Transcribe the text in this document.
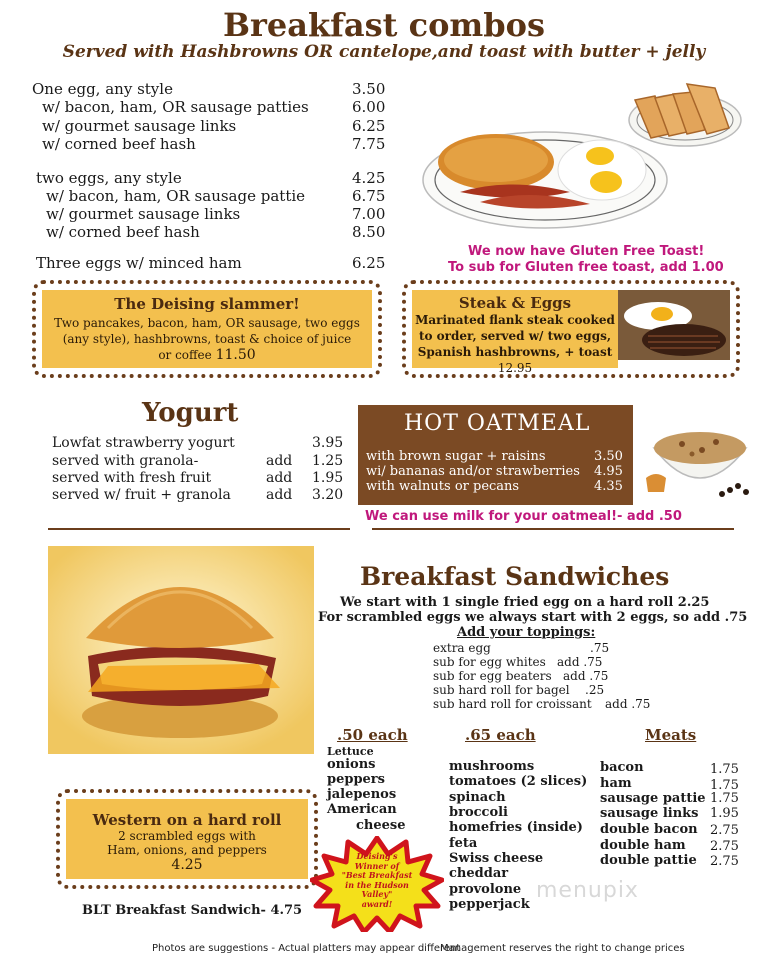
Breakfast combos
Served with Hashbrowns OR cantelope,and toast with butter + jelly
One egg, any style	3.50
w/ bacon, ham, OR sausage patties	6.00
w/ gourmet sausage links	6.25
w/ corned beef hash	7.75
two eggs, any style	4.25
w/ bacon, ham, OR sausage pattie	6.75
w/ gourmet sausage links	7.00
w/ corned beef hash	8.50
Three eggs w/ minced ham	6.25
We now have Gluten Free Toast!
To sub for Gluten free toast, add 1.00
The Deising slammer!
Two pancakes, bacon, ham, OR sausage, two eggs
(any style), hashbrowns, toast & choice of juice
or coffee 11.50
Steak & Eggs
Marinated flank steak cooked
to order, served w/ two eggs,
Spanish hashbrowns, + toast
12.95
Yogurt
Lowfat strawberry yogurt	3.95
served with granola-	add 1.25
served with fresh fruit	add 1.95
served w/ fruit + granola	add 3.20
HOT OATMEAL
with brown sugar + raisins	3.50
wi/ bananas and/or strawberries 4.95
with walnuts or pecans	4.35
We can use milk for your oatmeal!- add .50
Breakfast Sandwiches
We start with 1 single fried egg on a hard roll 2.25
For scrambled eggs we always start with 2 eggs, so add .75
Add your toppings:
extra egg	.75
sub for egg whites add .75
sub for egg beaters add .75
sub hard roll for bagel .25
sub hard roll for croissant add .75
.50 each
Lettuce
onions
peppers
jalepenos
American
cheese
.65 each
mushrooms
tomatoes (2 slices)
spinach
broccoli
homefries (inside)
feta
Swiss cheese
cheddar
provolone
pepperjack
Meats
bacon	1.75
ham	1.75
sausage pattie 1.75
sausage links 1.95
double bacon 2.75
double ham 2.75
double pattie 2.75
Western on a hard roll
2 scrambled eggs with
Ham, onions, and peppers
4.25
BLT Breakfast Sandwich- 4.75
Deising's
Winner of
"Best Breakfast
in the Hudson
Valley"
award!
menupix
Photos are suggestions - Actual platters may appear different
Management reserves the right to change prices
